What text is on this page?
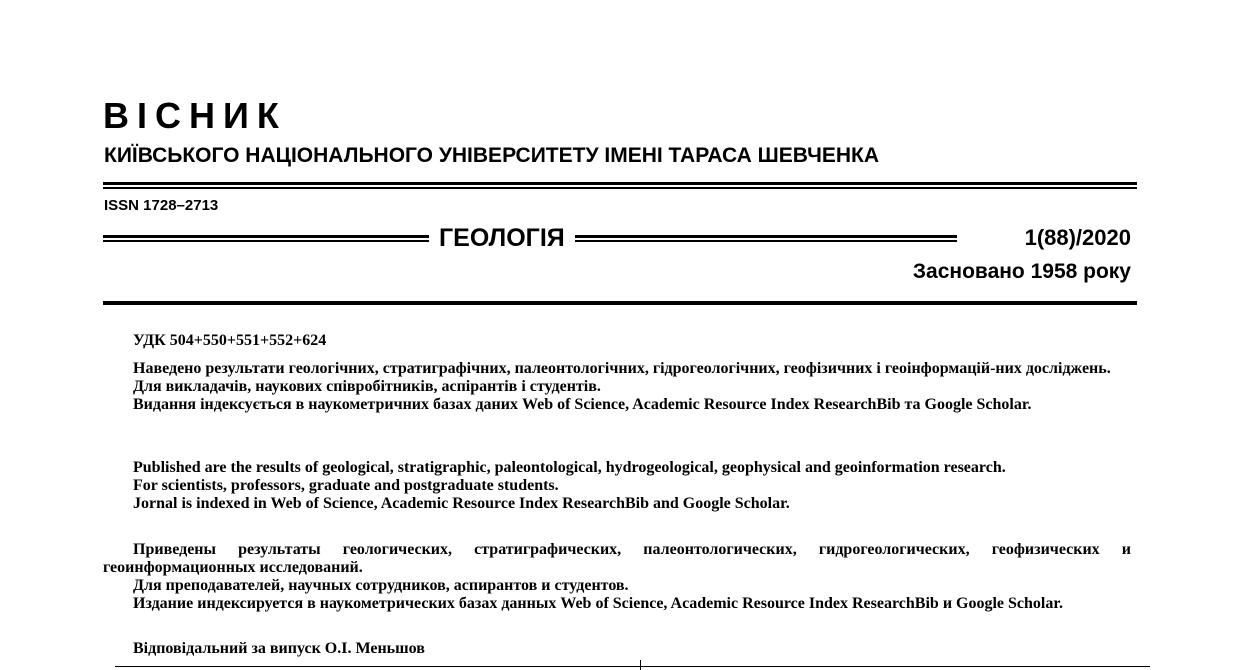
ВІСНИК
КИЇВСЬКОГО НАЦІОНАЛЬНОГО УНІВЕРСИТЕТУ ІМЕНІ ТАРАСА ШЕВЧЕНКА
ISSN 1728–2713
ГЕОЛОГІЯ	1(88)/2020
Засновано 1958 року

УДК 504+550+551+552+624

Наведено результати геологічних, стратиграфічних, палеонтологічних, гідрогеологічних, геофізичних і геоінформацій-них досліджень.

Для викладачів, наукових співробітників, аспірантів і студентів.

Видання індексується в наукометричних базах даних Web of Science, Academic Resource Index ResearchBib та Google Scholar.

Published are the results of geological, stratigraphic, paleontological, hydrogeological, geophysical and geoinformation research.

For scientists, professors, graduate and postgraduate students.

Jornal is indexed in Web of Science, Academic Resource Index ResearchBib and Google Scholar.

Приведены результаты геологических, стратиграфических, палеонтологических, гидрогеологических, геофизических и геоинформационных исследований.

Для преподавателей, научных сотрудников, аспирантов и студентов.

Издание индексируется в наукометрических базах данных Web of Science, Academic Resource Index ResearchBib и Google Scholar.

Відповідальний за випуск О.І. Меньшов
